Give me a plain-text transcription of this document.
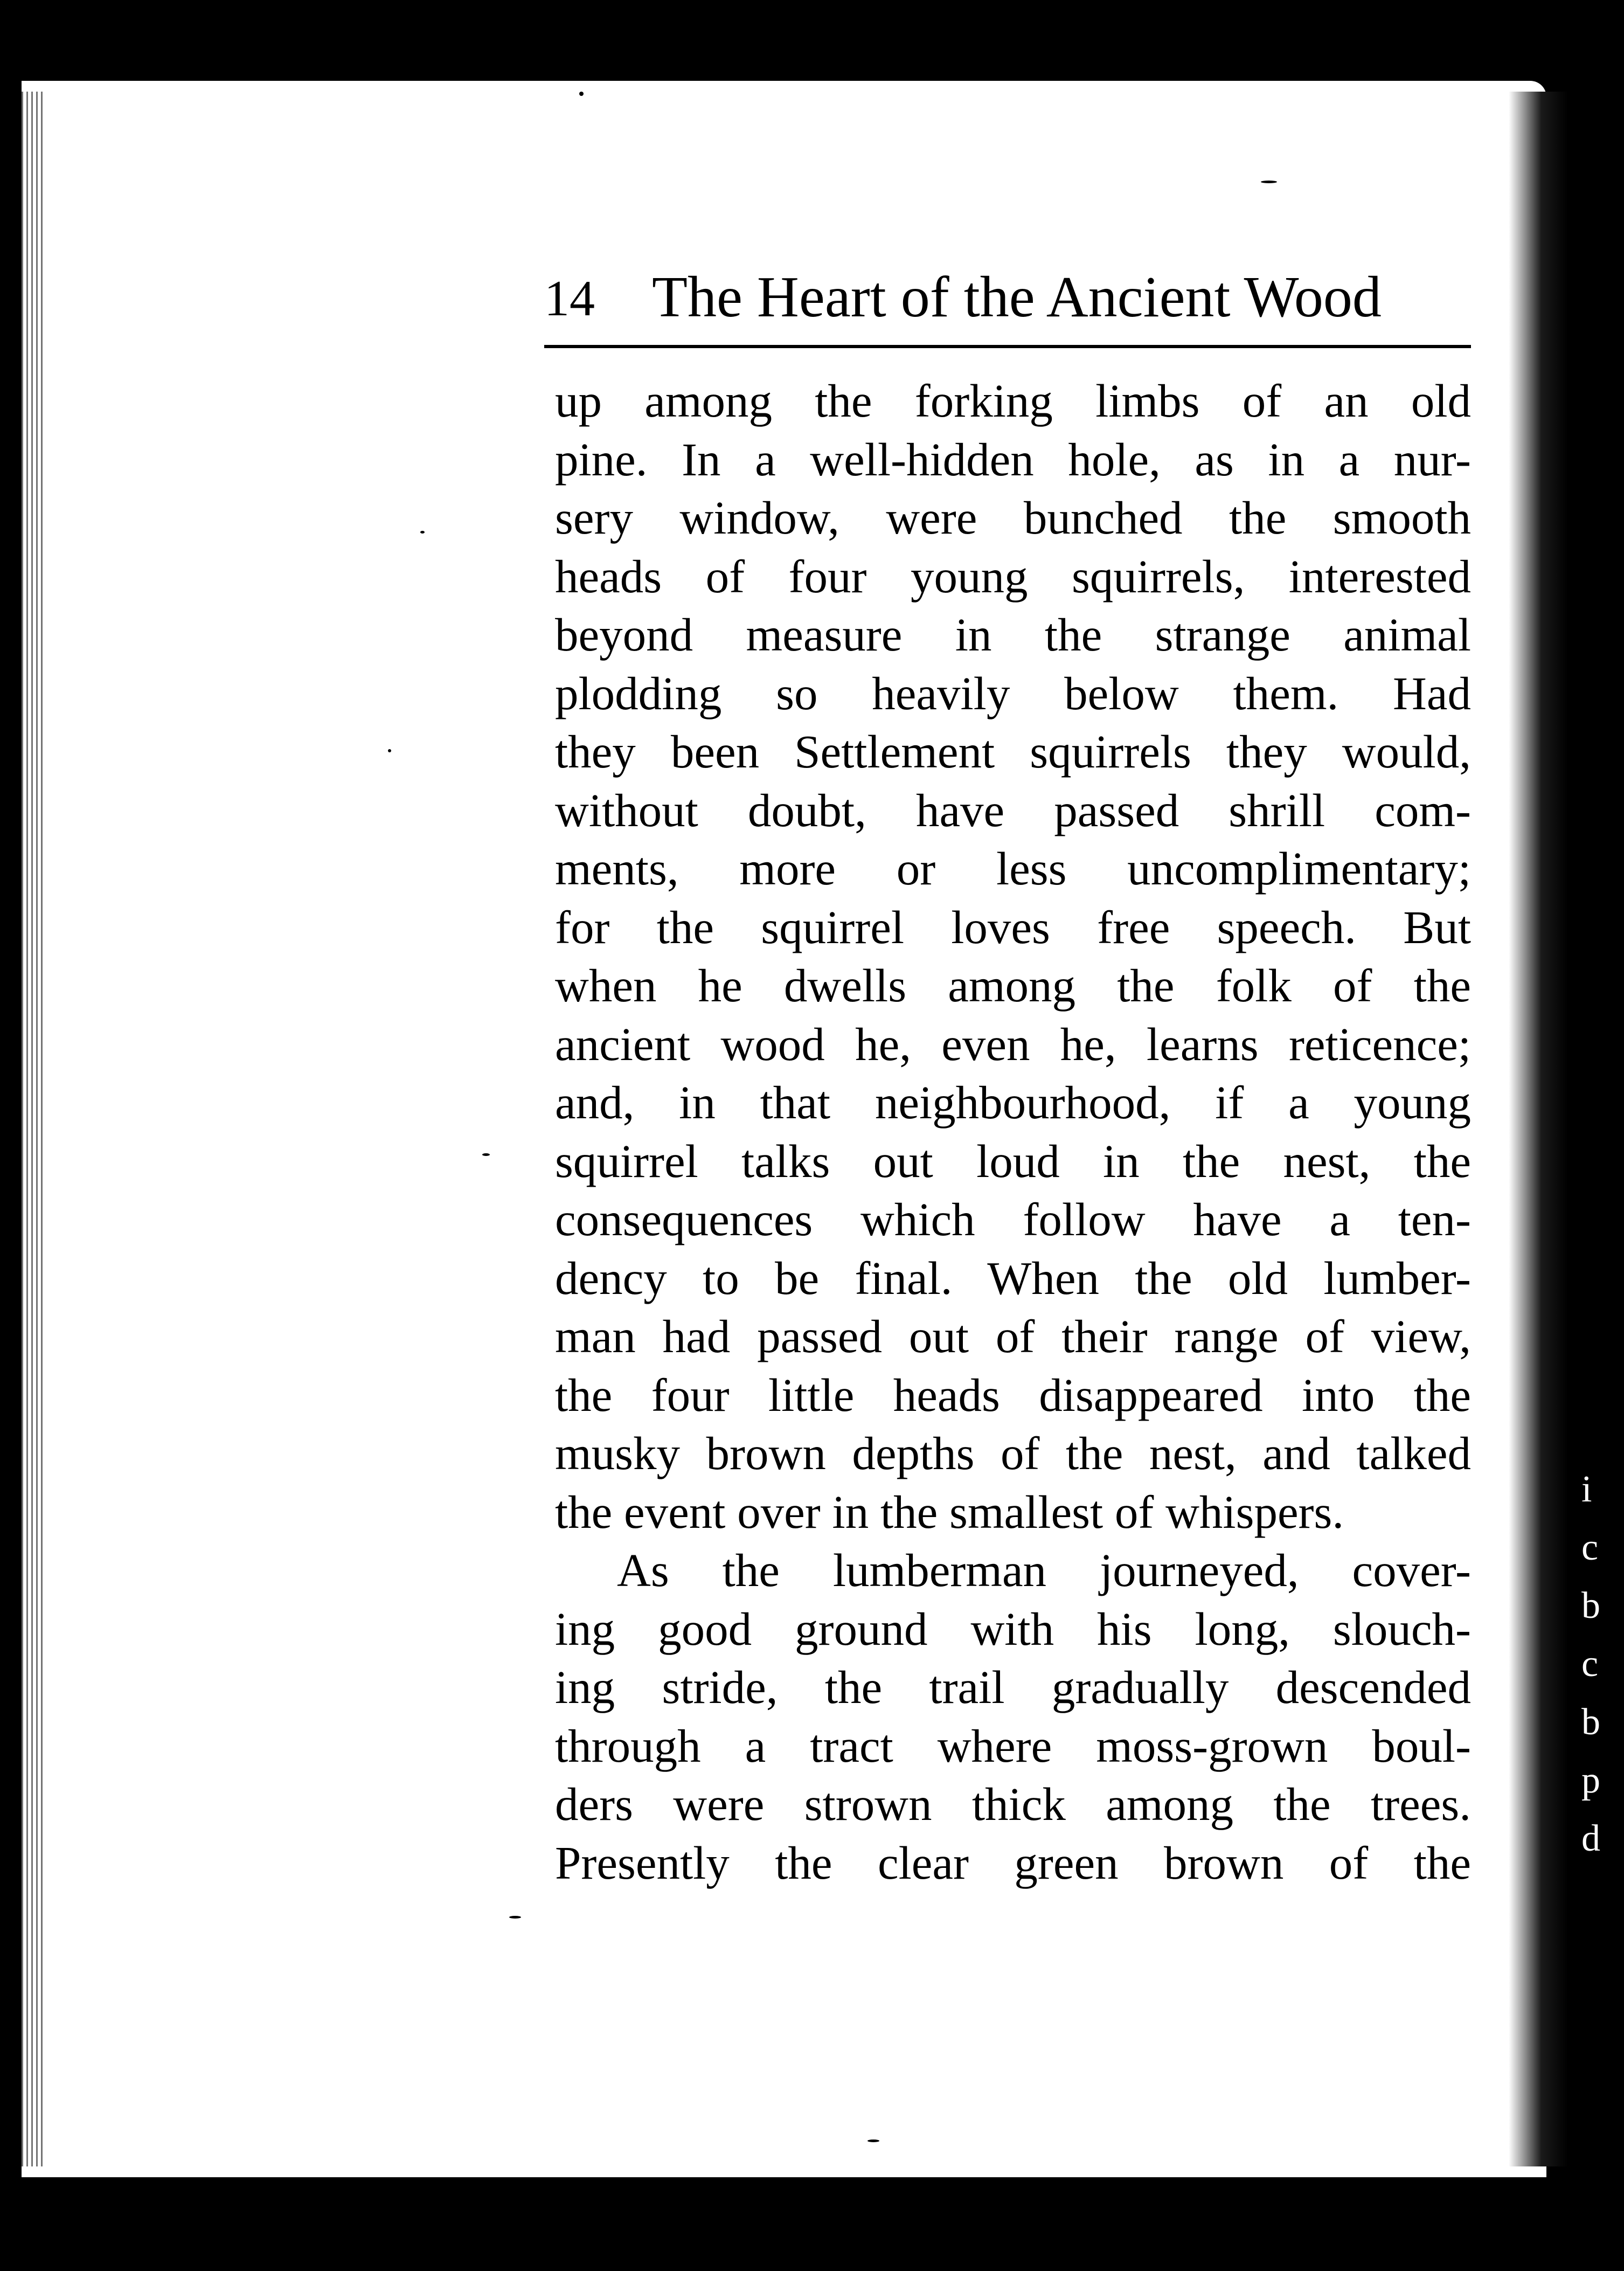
i
c
b
c
b
p
d
14 The Heart of the Ancient Wood
up among the forking limbs of an old
pine. In a well-hidden hole, as in a nur-
sery window, were bunched the smooth
heads of four young squirrels, interested
beyond measure in the strange animal
plodding so heavily below them. Had
they been Settlement squirrels they would,
without doubt, have passed shrill com-
ments, more or less uncomplimentary;
for the squirrel loves free speech. But
when he dwells among the folk of the
ancient wood he, even he, learns reticence;
and, in that neighbourhood, if a young
squirrel talks out loud in the nest, the
consequences which follow have a ten-
dency to be final. When the old lumber-
man had passed out of their range of view,
the four little heads disappeared into the
musky brown depths of the nest, and talked
the event over in the smallest of whispers.
As the lumberman journeyed, cover-
ing good ground with his long, slouch-
ing stride, the trail gradually descended
through a tract where moss-grown boul-
ders were strown thick among the trees.
Presently the clear green brown of the
